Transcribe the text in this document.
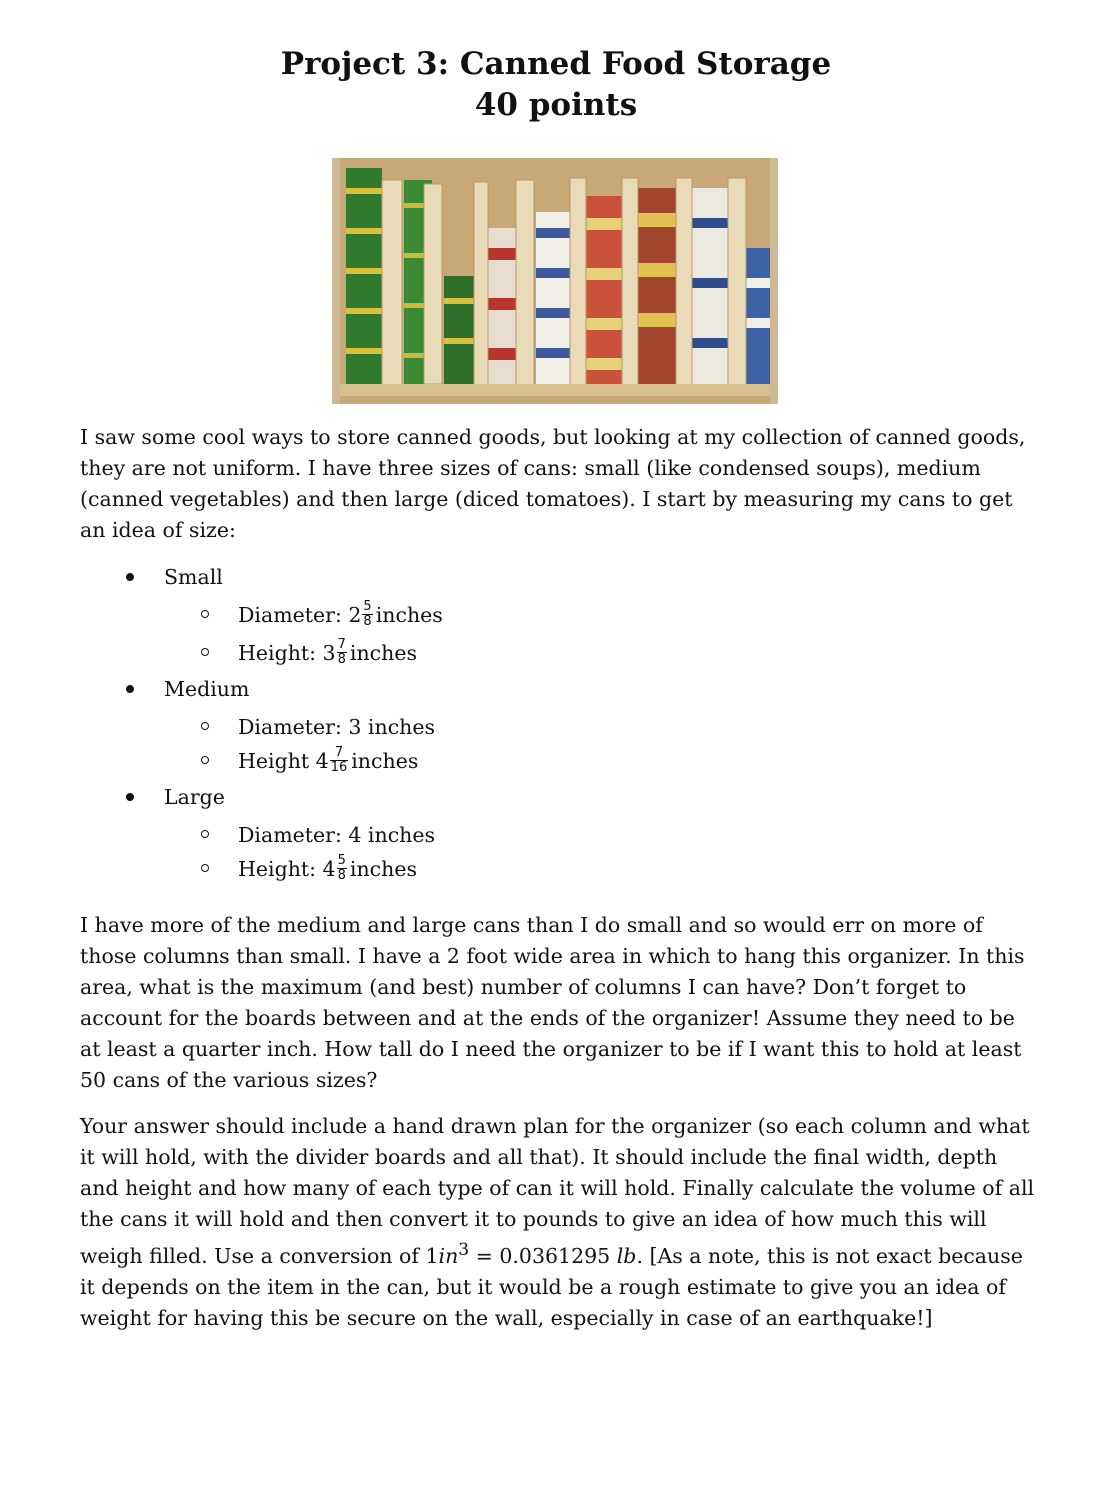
Project 3: Canned Food Storage
40 points

I saw some cool ways to store canned goods, but looking at my collection of canned goods, they are not uniform. I have three sizes of cans: small (like condensed soups), medium (canned vegetables) and then large (diced tomatoes). I start by measuring my cans to get an idea of size:

Small
Diameter: $2 \frac{5}{8}$ inches
Height: $3 \frac{7}{8}$ inches
Medium
Diameter: 3 inches
Height $4 \frac{7}{16}$ inches
Large
Diameter: 4 inches
Height: $4 \frac{5}{8}$ inches

I have more of the medium and large cans than I do small and so would err on more of those columns than small. I have a 2 foot wide area in which to hang this organizer. In this area, what is the maximum (and best) number of columns I can have? Don’t forget to account for the boards between and at the ends of the organizer! Assume they need to be at least a quarter inch. How tall do I need the organizer to be if I want this to hold at least 50 cans of the various sizes?

Your answer should include a hand drawn plan for the organizer (so each column and what it will hold, with the divider boards and all that). It should include the final width, depth and height and how many of each type of can it will hold. Finally calculate the volume of all the cans it will hold and then convert it to pounds to give an idea of how much this will weigh filled. Use a conversion of $1in^3 = 0.0361295$ lb. [As a note, this is not exact because it depends on the item in the can, but it would be a rough estimate to give you an idea of weight for having this be secure on the wall, especially in case of an earthquake!]
